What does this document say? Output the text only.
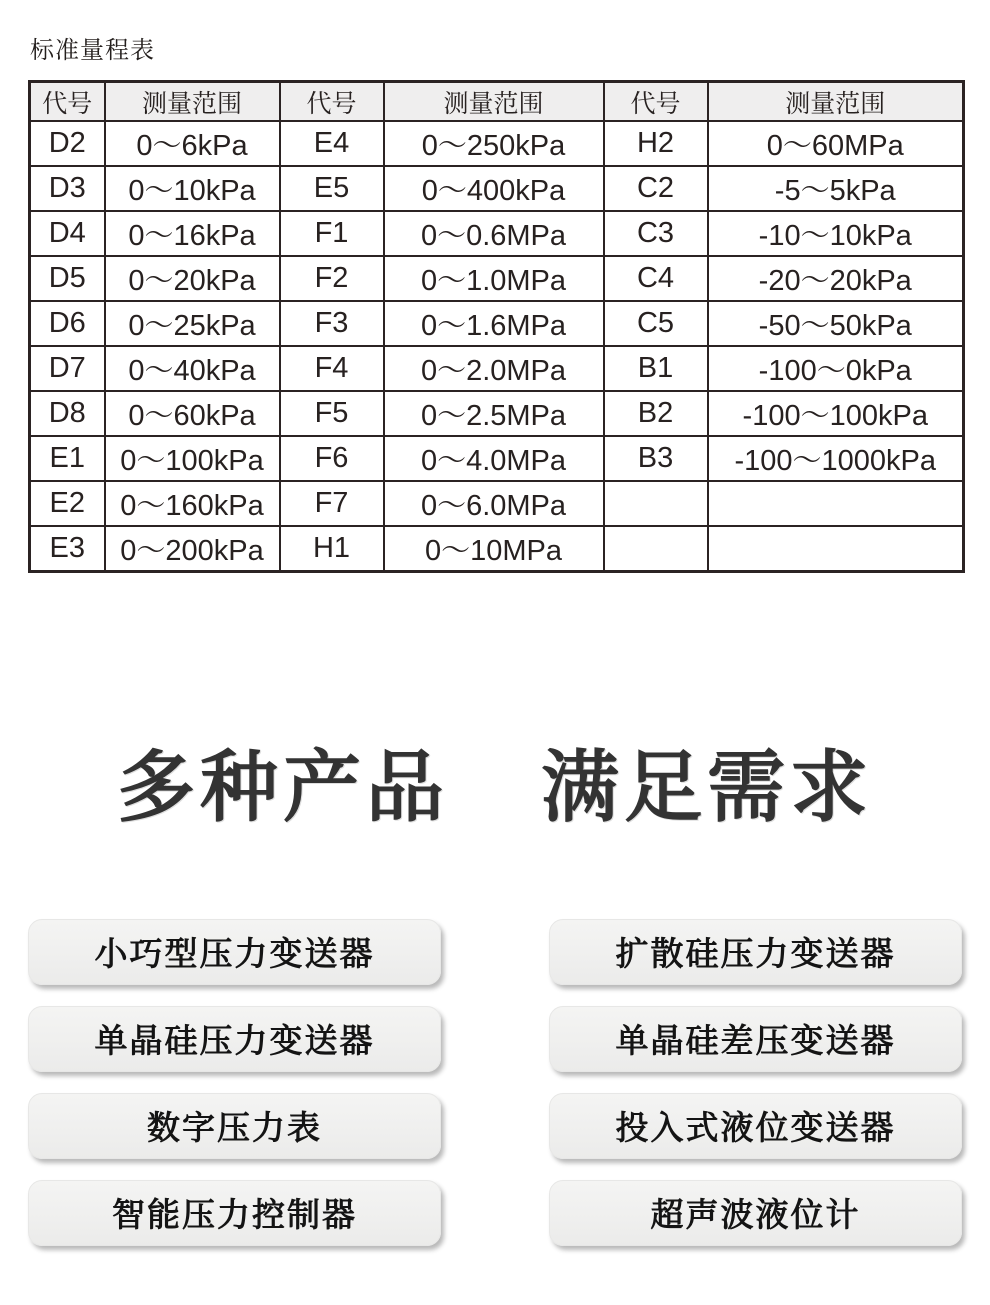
标准量程表
代号	测量范围	代号	测量范围	代号	测量范围
D2	0～6kPa	E4	0～250kPa	H2	0～60MPa
D3	0～10kPa	E5	0～400kPa	C2	-5～5kPa
D4	0～16kPa	F1	0～0.6MPa	C3	-10～10kPa
D5	0～20kPa	F2	0～1.0MPa	C4	-20～20kPa
D6	0～25kPa	F3	0～1.6MPa	C5	-50～50kPa
D7	0～40kPa	F4	0～2.0MPa	B1	-100～0kPa
D8	0～60kPa	F5	0～2.5MPa	B2	-100～100kPa
E1	0～100kPa	F6	0～4.0MPa	B3	-100～1000kPa
E2	0～160kPa	F7	0～6.0MPa		
E3	0～200kPa	H1	0～10MPa		
多种产品 满足需求
小巧型压力变送器	扩散硅压力变送器
单晶硅压力变送器	单晶硅差压变送器
数字压力表	投入式液位变送器
智能压力控制器	超声波液位计
